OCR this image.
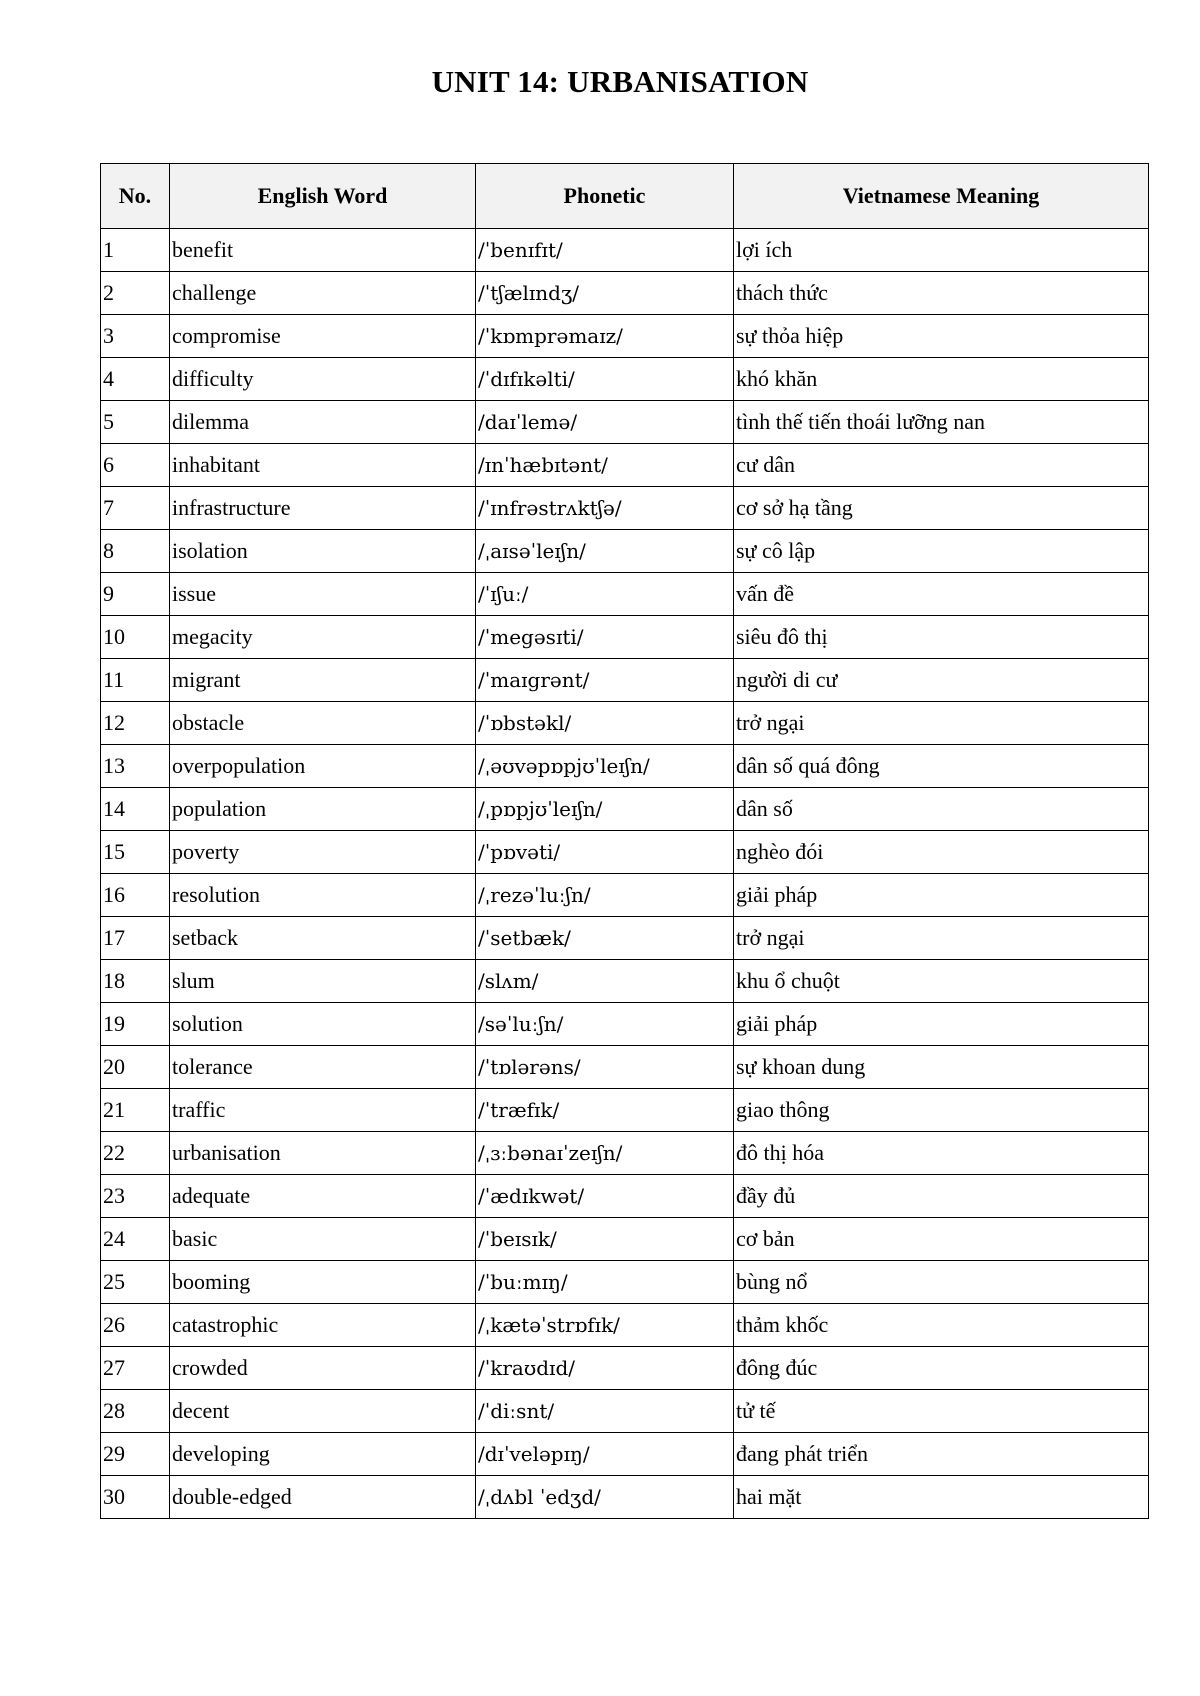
UNIT 14: URBANISATION
No.	English Word	Phonetic	Vietnamese Meaning
1	benefit	/ˈbenɪfɪt/	lợi ích
2	challenge	/ˈtʃælɪndʒ/	thách thức
3	compromise	/ˈkɒmprəmaɪz/	sự thỏa hiệp
4	difficulty	/ˈdɪfɪkəlti/	khó khăn
5	dilemma	/daɪˈlemə/	tình thế tiến thoái lưỡng nan
6	inhabitant	/ɪnˈhæbɪtənt/	cư dân
7	infrastructure	/ˈɪnfrəstrʌktʃə/	cơ sở hạ tầng
8	isolation	/ˌaɪsəˈleɪʃn/	sự cô lập
9	issue	/ˈɪʃuː/	vấn đề
10	megacity	/ˈmegəsɪti/	siêu đô thị
11	migrant	/ˈmaɪgrənt/	người di cư
12	obstacle	/ˈɒbstəkl/	trở ngại
13	overpopulation	/ˌəʊvəpɒpjʊˈleɪʃn/	dân số quá đông
14	population	/ˌpɒpjʊˈleɪʃn/	dân số
15	poverty	/ˈpɒvəti/	nghèo đói
16	resolution	/ˌrezəˈluːʃn/	giải pháp
17	setback	/ˈsetbæk/	trở ngại
18	slum	/slʌm/	khu ổ chuột
19	solution	/səˈluːʃn/	giải pháp
20	tolerance	/ˈtɒlərəns/	sự khoan dung
21	traffic	/ˈtræfɪk/	giao thông
22	urbanisation	/ˌɜːbənaɪˈzeɪʃn/	đô thị hóa
23	adequate	/ˈædɪkwət/	đầy đủ
24	basic	/ˈbeɪsɪk/	cơ bản
25	booming	/ˈbuːmɪŋ/	bùng nổ
26	catastrophic	/ˌkætəˈstrɒfɪk/	thảm khốc
27	crowded	/ˈkraʊdɪd/	đông đúc
28	decent	/ˈdiːsnt/	tử tế
29	developing	/dɪˈveləpɪŋ/	đang phát triển
30	double-edged	/ˌdʌbl ˈedʒd/	hai mặt
